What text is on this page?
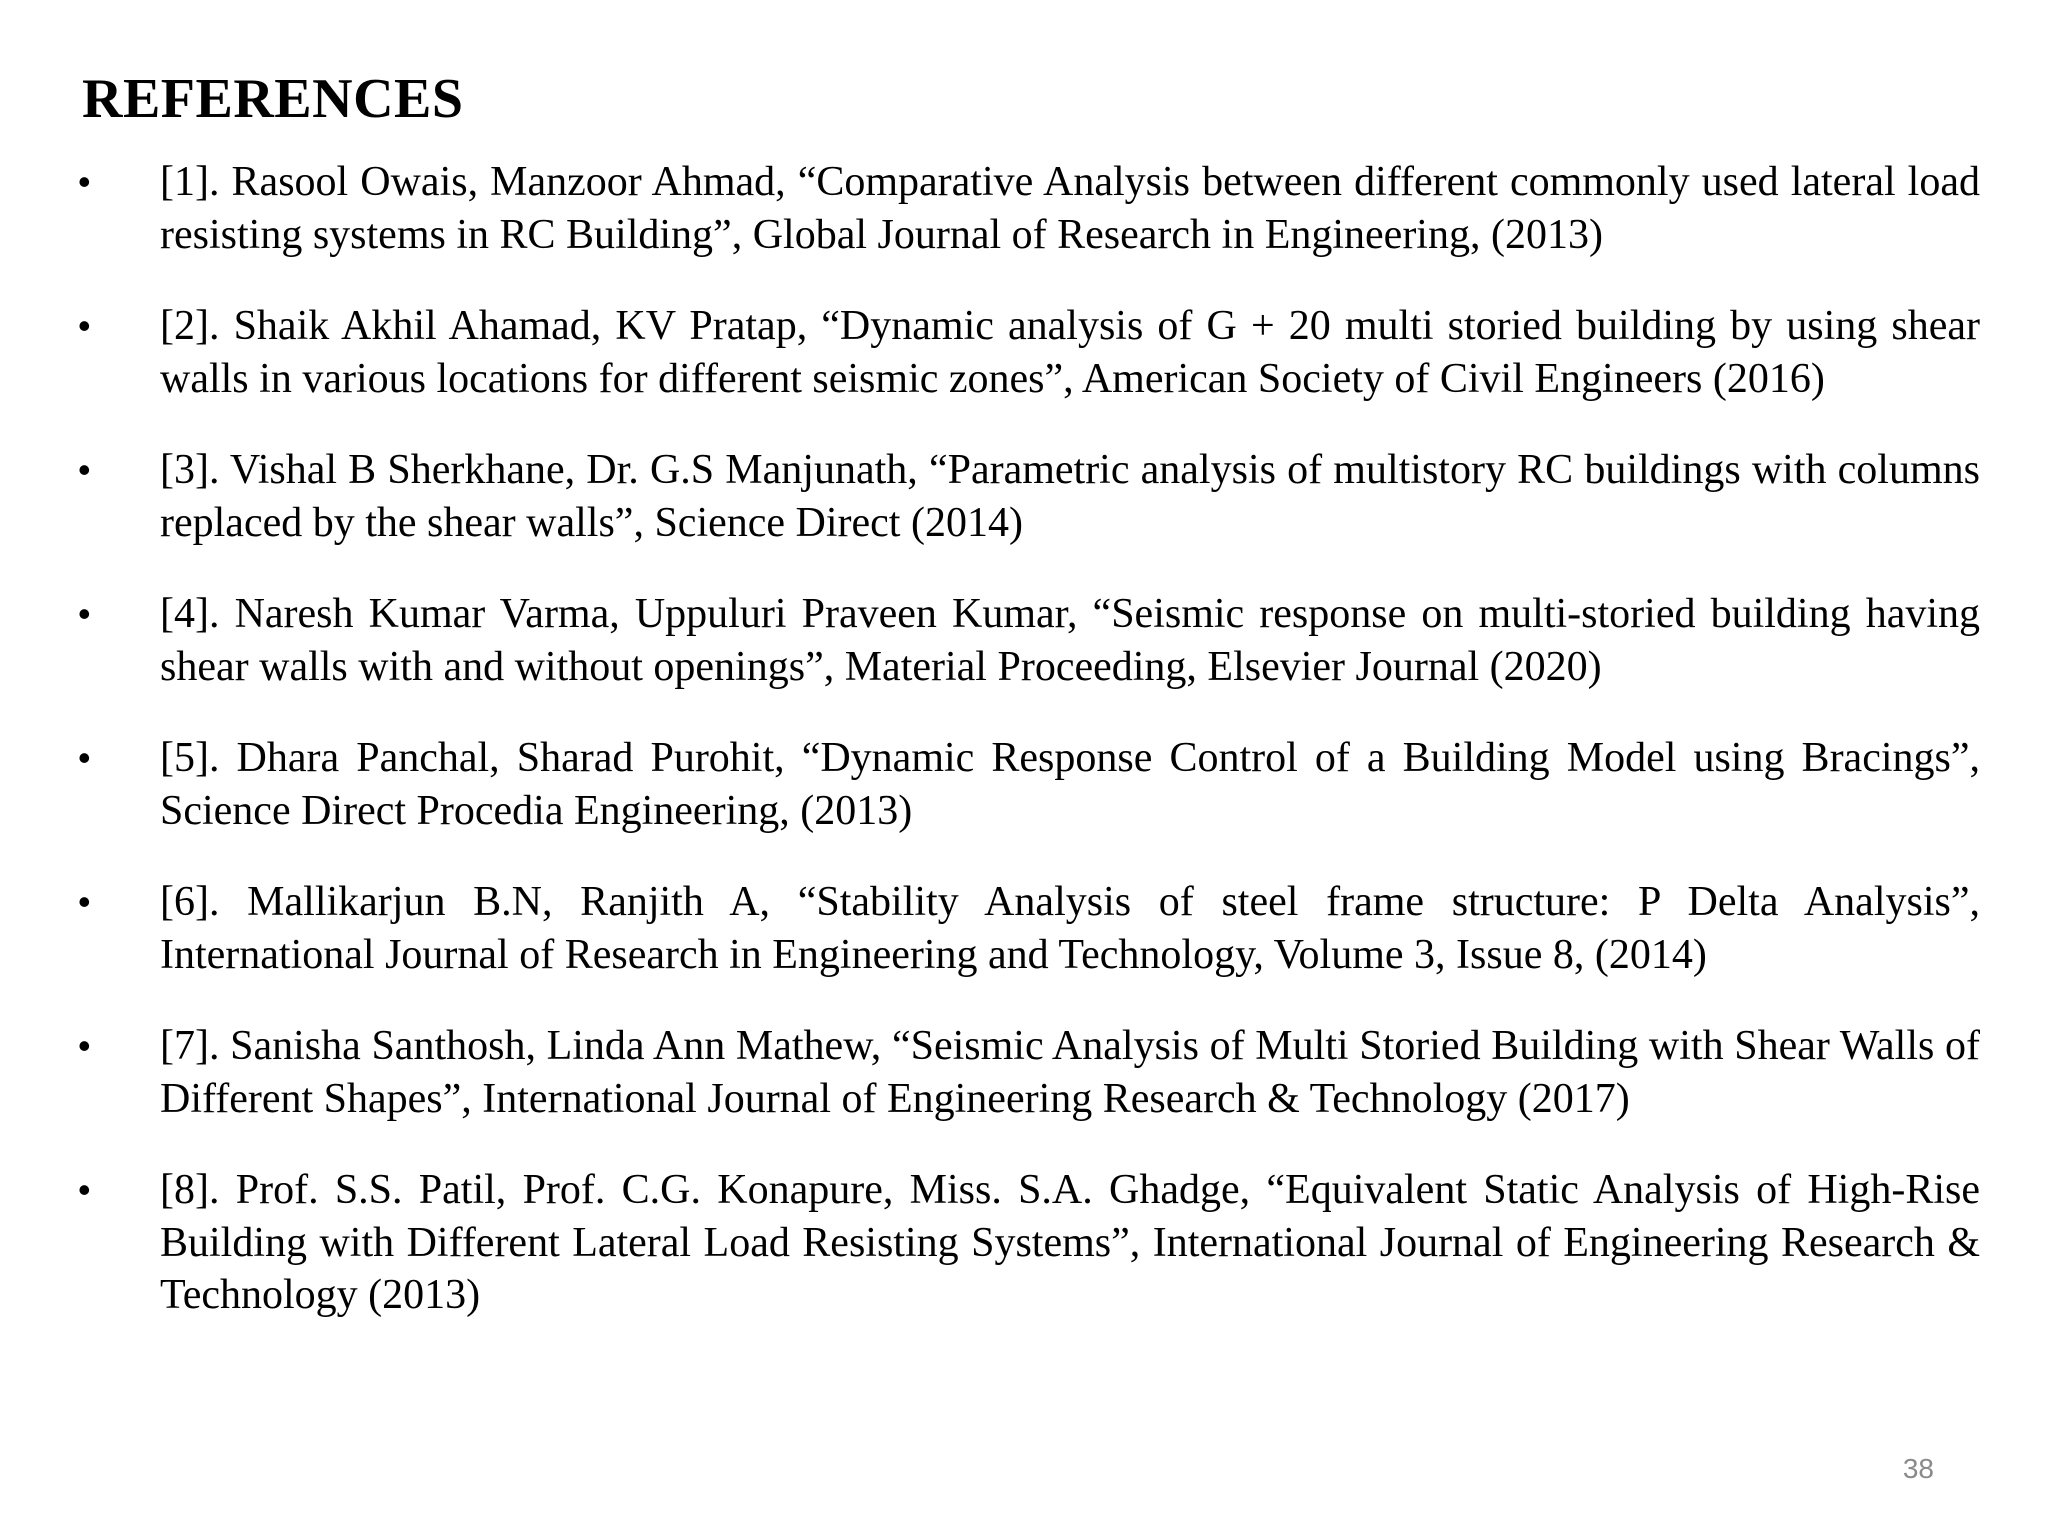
REFERENCES
• [1]. Rasool Owais, Manzoor Ahmad, “Comparative Analysis between different commonly used lateral load resisting systems in RC Building”, Global Journal of Research in Engineering, (2013)
• [2]. Shaik Akhil Ahamad, KV Pratap, “Dynamic analysis of G + 20 multi storied building by using shear walls in various locations for different seismic zones”, American Society of Civil Engineers (2016)
• [3]. Vishal B Sherkhane, Dr. G.S Manjunath, “Parametric analysis of multistory RC buildings with columns replaced by the shear walls”, Science Direct (2014)
• [4]. Naresh Kumar Varma, Uppuluri Praveen Kumar, “Seismic response on multi-storied building having shear walls with and without openings”, Material Proceeding, Elsevier Journal (2020)
• [5]. Dhara Panchal, Sharad Purohit, “Dynamic Response Control of a Building Model using Bracings”, Science Direct Procedia Engineering, (2013)
• [6]. Mallikarjun B.N, Ranjith A, “Stability Analysis of steel frame structure: P Delta Analysis”, International Journal of Research in Engineering and Technology, Volume 3, Issue 8, (2014)
• [7]. Sanisha Santhosh, Linda Ann Mathew, “Seismic Analysis of Multi Storied Building with Shear Walls of Different Shapes”, International Journal of Engineering Research & Technology (2017)
• [8]. Prof. S.S. Patil, Prof. C.G. Konapure, Miss. S.A. Ghadge, “Equivalent Static Analysis of High-Rise Building with Different Lateral Load Resisting Systems”, International Journal of Engineering Research & Technology (2013)
38
